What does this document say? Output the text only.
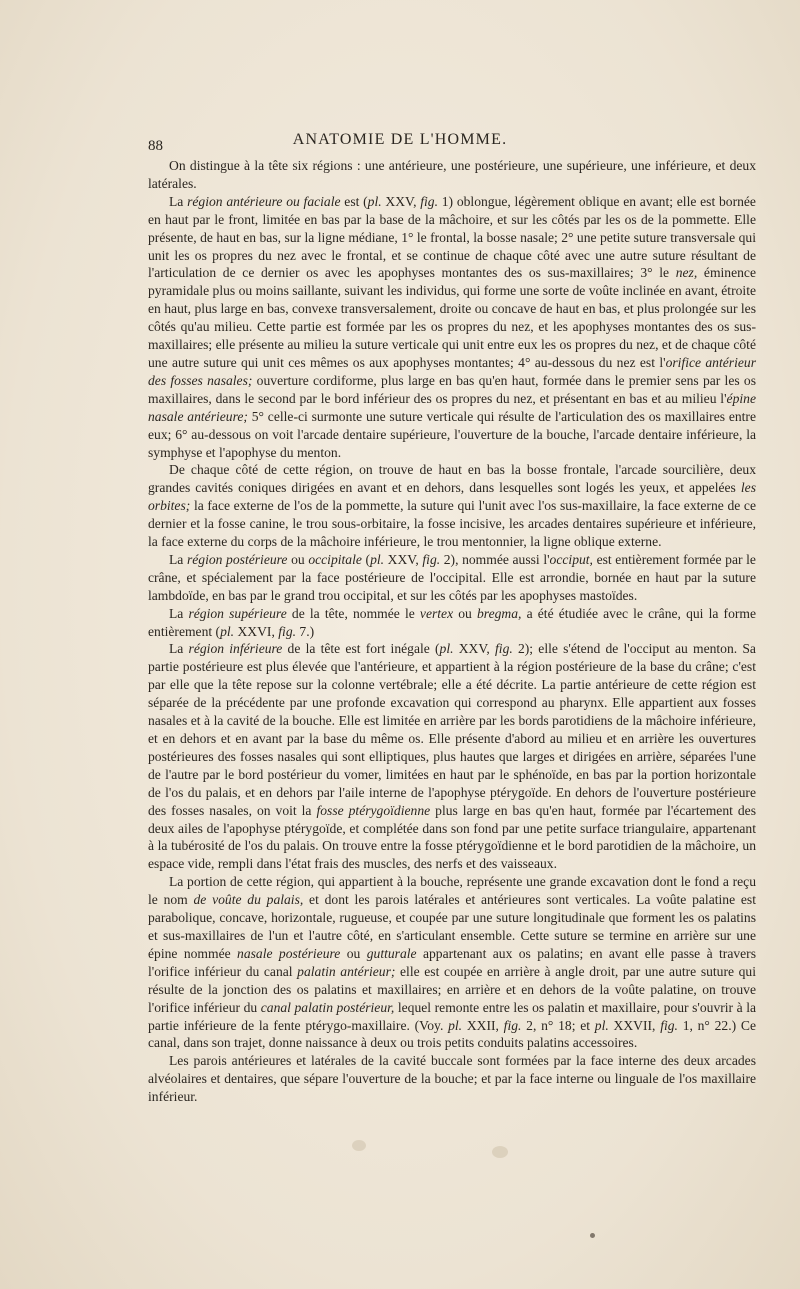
88	ANATOMIE DE L'HOMME.

On distingue à la tête six régions : une antérieure, une postérieure, une supérieure, une inférieure, et deux latérales.

La région antérieure ou faciale est (pl. XXV, fig. 1) oblongue, légèrement oblique en avant; elle est bornée en haut par le front, limitée en bas par la base de la mâchoire, et sur les côtés par les os de la pommette. Elle présente, de haut en bas, sur la ligne médiane, 1° le frontal, la bosse nasale; 2° une petite suture transversale qui unit les os propres du nez avec le frontal, et se continue de chaque côté avec une autre suture résultant de l'articulation de ce dernier os avec les apophyses montantes des os sus-maxillaires; 3° le nez, éminence pyramidale plus ou moins saillante, suivant les individus, qui forme une sorte de voûte inclinée en avant, étroite en haut, plus large en bas, convexe transversalement, droite ou concave de haut en bas, et plus prolongée sur les côtés qu'au milieu. Cette partie est formée par les os propres du nez, et les apophyses montantes des os sus-maxillaires; elle présente au milieu la suture verticale qui unit entre eux les os propres du nez, et de chaque côté une autre suture qui unit ces mêmes os aux apophyses montantes; 4° au-dessous du nez est l'orifice antérieur des fosses nasales; ouverture cordiforme, plus large en bas qu'en haut, formée dans le premier sens par les os maxillaires, dans le second par le bord inférieur des os propres du nez, et présentant en bas et au milieu l'épine nasale antérieure; 5° celle-ci surmonte une suture verticale qui résulte de l'articulation des os maxillaires entre eux; 6° au-dessous on voit l'arcade dentaire supérieure, l'ouverture de la bouche, l'arcade dentaire inférieure, la symphyse et l'apophyse du menton.

De chaque côté de cette région, on trouve de haut en bas la bosse frontale, l'arcade sourcilière, deux grandes cavités coniques dirigées en avant et en dehors, dans lesquelles sont logés les yeux, et appelées les orbites; la face externe de l'os de la pommette, la suture qui l'unit avec l'os sus-maxillaire, la face externe de ce dernier et la fosse canine, le trou sous-orbitaire, la fosse incisive, les arcades dentaires supérieure et inférieure, la face externe du corps de la mâchoire inférieure, le trou mentonnier, la ligne oblique externe.

La région postérieure ou occipitale (pl. XXV, fig. 2), nommée aussi l'occiput, est entièrement formée par le crâne, et spécialement par la face postérieure de l'occipital. Elle est arrondie, bornée en haut par la suture lambdoïde, en bas par le grand trou occipital, et sur les côtés par les apophyses mastoïdes.

La région supérieure de la tête, nommée le vertex ou bregma, a été étudiée avec le crâne, qui la forme entièrement (pl. XXVI, fig. 7.)

La région inférieure de la tête est fort inégale (pl. XXV, fig. 2); elle s'étend de l'occiput au menton. Sa partie postérieure est plus élevée que l'antérieure, et appartient à la région postérieure de la base du crâne; c'est par elle que la tête repose sur la colonne vertébrale; elle a été décrite. La partie antérieure de cette région est séparée de la précédente par une profonde excavation qui correspond au pharynx. Elle appartient aux fosses nasales et à la cavité de la bouche. Elle est limitée en arrière par les bords parotidiens de la mâchoire inférieure, et en dehors et en avant par la base du même os. Elle présente d'abord au milieu et en arrière les ouvertures postérieures des fosses nasales qui sont elliptiques, plus hautes que larges et dirigées en arrière, séparées l'une de l'autre par le bord postérieur du vomer, limitées en haut par le sphénoïde, en bas par la portion horizontale de l'os du palais, et en dehors par l'aile interne de l'apophyse ptérygoïde. En dehors de l'ouverture postérieure des fosses nasales, on voit la fosse ptérygoïdienne plus large en bas qu'en haut, formée par l'écartement des deux ailes de l'apophyse ptérygoïde, et complétée dans son fond par une petite surface triangulaire, appartenant à la tubérosité de l'os du palais. On trouve entre la fosse ptérygoïdienne et le bord parotidien de la mâchoire, un espace vide, rempli dans l'état frais des muscles, des nerfs et des vaisseaux.

La portion de cette région, qui appartient à la bouche, représente une grande excavation dont le fond a reçu le nom de voûte du palais, et dont les parois latérales et antérieures sont verticales. La voûte palatine est parabolique, concave, horizontale, rugueuse, et coupée par une suture longitudinale que forment les os palatins et sus-maxillaires de l'un et l'autre côté, en s'articulant ensemble. Cette suture se termine en arrière sur une épine nommée nasale postérieure ou gutturale appartenant aux os palatins; en avant elle passe à travers l'orifice inférieur du canal palatin antérieur; elle est coupée en arrière à angle droit, par une autre suture qui résulte de la jonction des os palatins et maxillaires; en arrière et en dehors de la voûte palatine, on trouve l'orifice inférieur du canal palatin postérieur, lequel remonte entre les os palatin et maxillaire, pour s'ouvrir à la partie inférieure de la fente ptérygo-maxillaire. (Voy. pl. XXII, fig. 2, n° 18; et pl. XXVII, fig. 1, n° 22.) Ce canal, dans son trajet, donne naissance à deux ou trois petits conduits palatins accessoires.

Les parois antérieures et latérales de la cavité buccale sont formées par la face interne des deux arcades alvéolaires et dentaires, que sépare l'ouverture de la bouche; et par la face interne ou linguale de l'os maxillaire inférieur.
